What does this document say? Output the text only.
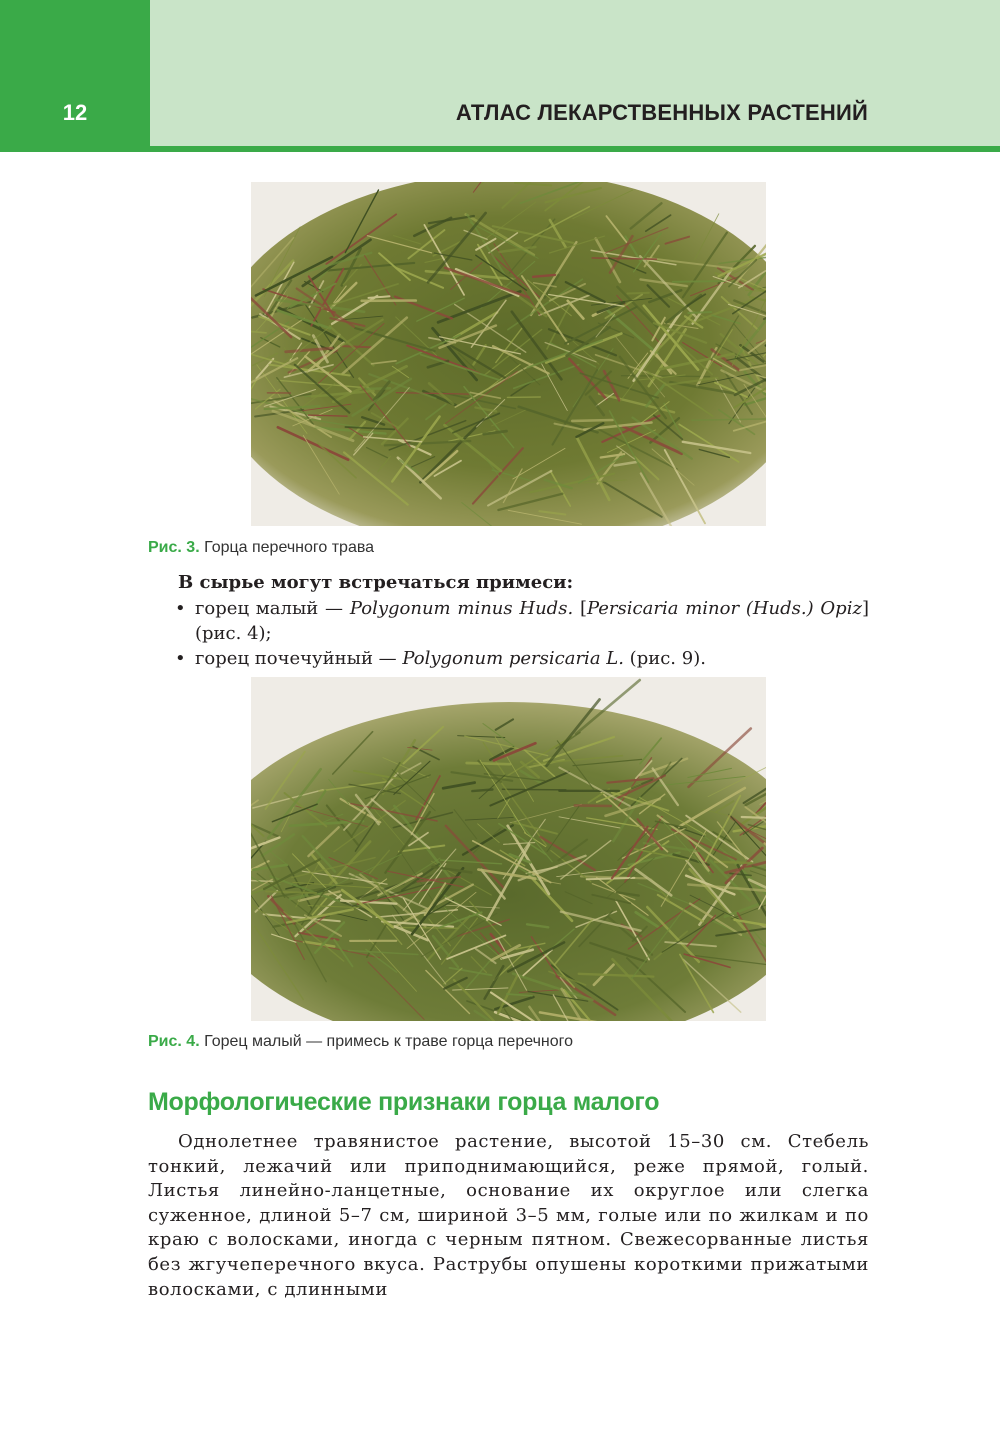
12	АТЛАС ЛЕКАРСТВЕННЫХ РАСТЕНИЙ
Рис. 3. Горца перечного трава
В сырье могут встречаться примеси:
• горец малый — Polygonum minus Huds. [Persicaria minor (Huds.) Opiz] (рис. 4);
• горец почечуйный — Polygonum persicaria L. (рис. 9).
Рис. 4. Горец малый — примесь к траве горца перечного
Морфологические признаки горца малого

Однолетнее травянистое растение, высотой 15–30 см. Стебель тонкий, лежачий или приподнимающийся, реже прямой, голый. Листья линейно-ланцетные, основание их округлое или слегка суженное, длиной 5–7 см, шириной 3–5 мм, голые или по жилкам и по краю с волосками, иногда с черным пятном. Свежесорванные листья без жгучеперечного вкуса. Раструбы опушены короткими прижатыми волосками, с длинными
